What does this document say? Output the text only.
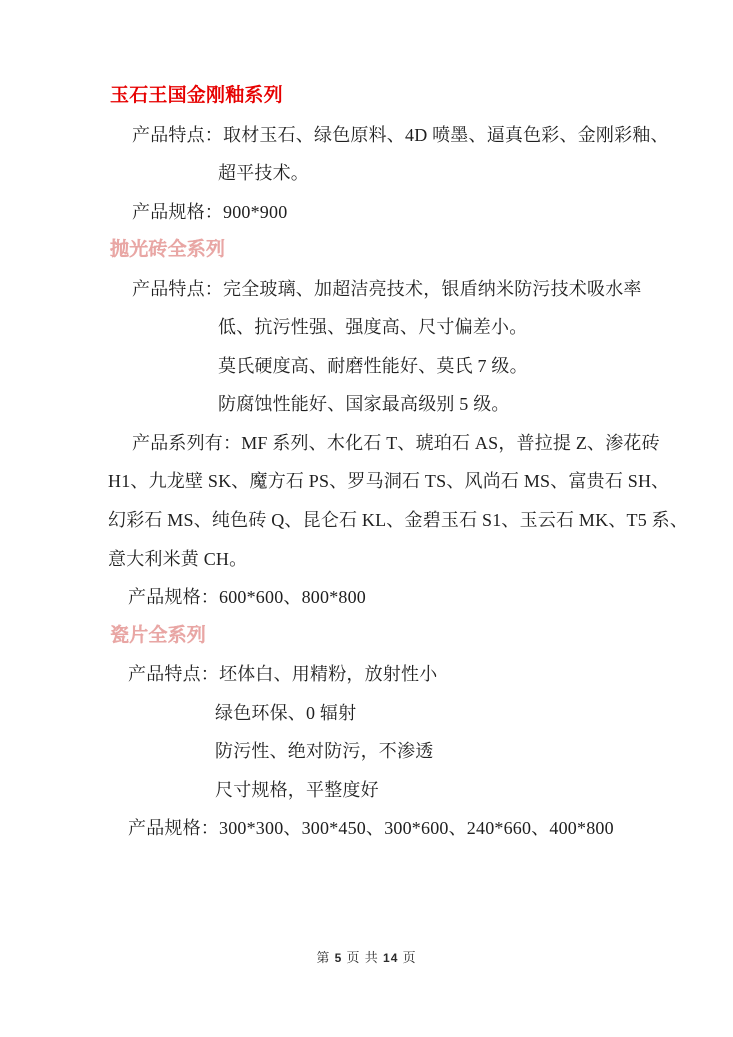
玉石王国金刚釉系列
产品特点：取材玉石、绿色原料、4D 喷墨、逼真色彩、金刚彩釉、
超平技术。
产品规格：900*900
抛光砖全系列
产品特点：完全玻璃、加超洁亮技术，银盾纳米防污技术吸水率
低、抗污性强、强度高、尺寸偏差小。
莫氏硬度高、耐磨性能好、莫氏 7 级。
防腐蚀性能好、国家最高级别 5 级。
产品系列有：MF 系列、木化石 T、琥珀石 AS，普拉提 Z、渗花砖
H1、九龙壁 SK、魔方石 PS、罗马洞石 TS、风尚石 MS、富贵石 SH、
幻彩石 MS、纯色砖 Q、昆仑石 KL、金碧玉石 S1、玉云石 MK、T5 系、
意大利米黄 CH。
产品规格：600*600、800*800
瓷片全系列
产品特点：坯体白、用精粉，放射性小
绿色环保、0 辐射
防污性、绝对防污，不渗透
尺寸规格，平整度好
产品规格：300*300、300*450、300*600、240*660、400*800
第 5 页 共 14 页
